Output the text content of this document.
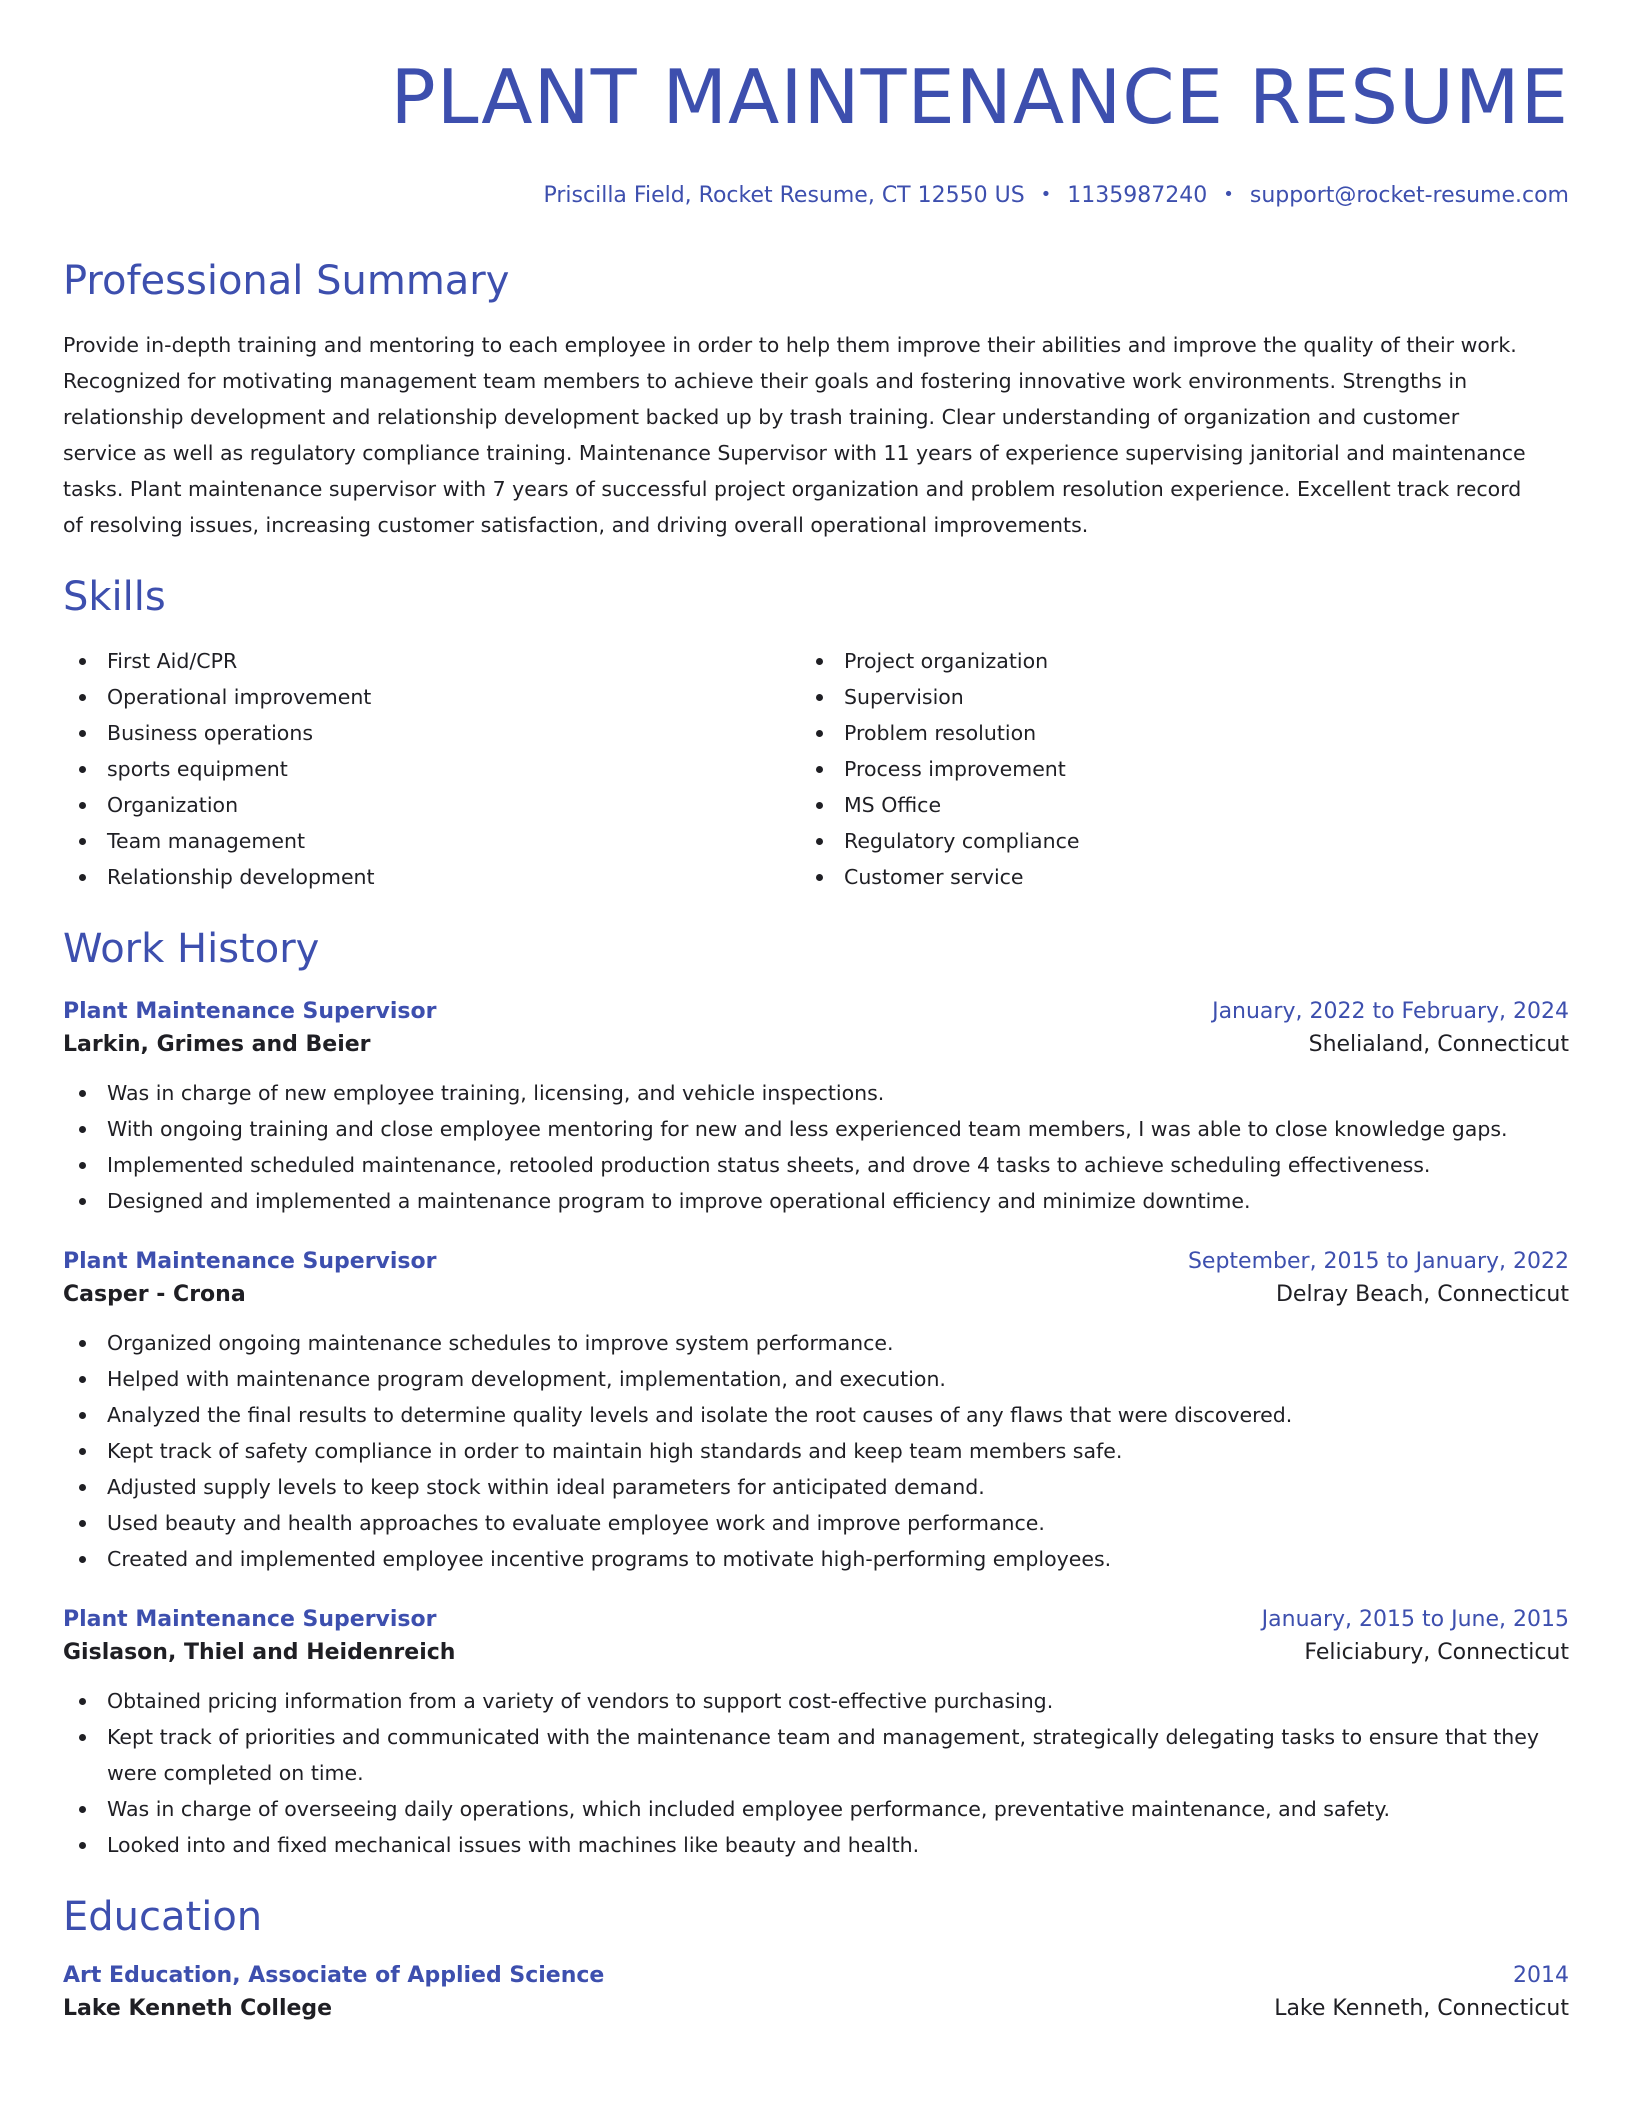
PLANT MAINTENANCE RESUME
Priscilla Field, Rocket Resume, CT 12550 US • 1135987240 • support@rocket-resume.com
Professional Summary

Provide in-depth training and mentoring to each employee in order to help them improve their abilities and improve the quality of their work.
Recognized for motivating management team members to achieve their goals and fostering innovative work environments. Strengths in
relationship development and relationship development backed up by trash training. Clear understanding of organization and customer
service as well as regulatory compliance training. Maintenance Supervisor with 11 years of experience supervising janitorial and maintenance
tasks. Plant maintenance supervisor with 7 years of successful project organization and problem resolution experience. Excellent track record
of resolving issues, increasing customer satisfaction, and driving overall operational improvements.

Skills
First Aid/CPR
Operational improvement
Business operations
sports equipment
Organization
Team management
Relationship development
Project organization
Supervision
Problem resolution
Process improvement
MS Office
Regulatory compliance
Customer service
Work History
Plant Maintenance Supervisor	January, 2022 to February, 2024
Larkin, Grimes and Beier	Shelialand, Connecticut
Was in charge of new employee training, licensing, and vehicle inspections.
With ongoing training and close employee mentoring for new and less experienced team members, I was able to close knowledge gaps.
Implemented scheduled maintenance, retooled production status sheets, and drove 4 tasks to achieve scheduling effectiveness.
Designed and implemented a maintenance program to improve operational efficiency and minimize downtime.
Plant Maintenance Supervisor	September, 2015 to January, 2022
Casper - Crona	Delray Beach, Connecticut
Organized ongoing maintenance schedules to improve system performance.
Helped with maintenance program development, implementation, and execution.
Analyzed the final results to determine quality levels and isolate the root causes of any flaws that were discovered.
Kept track of safety compliance in order to maintain high standards and keep team members safe.
Adjusted supply levels to keep stock within ideal parameters for anticipated demand.
Used beauty and health approaches to evaluate employee work and improve performance.
Created and implemented employee incentive programs to motivate high-performing employees.
Plant Maintenance Supervisor	January, 2015 to June, 2015
Gislason, Thiel and Heidenreich	Feliciabury, Connecticut
Obtained pricing information from a variety of vendors to support cost-effective purchasing.
Kept track of priorities and communicated with the maintenance team and management, strategically delegating tasks to ensure that they were completed on time.
Was in charge of overseeing daily operations, which included employee performance, preventative maintenance, and safety.
Looked into and fixed mechanical issues with machines like beauty and health.
Education
Art Education, Associate of Applied Science	2014
Lake Kenneth College	Lake Kenneth, Connecticut
